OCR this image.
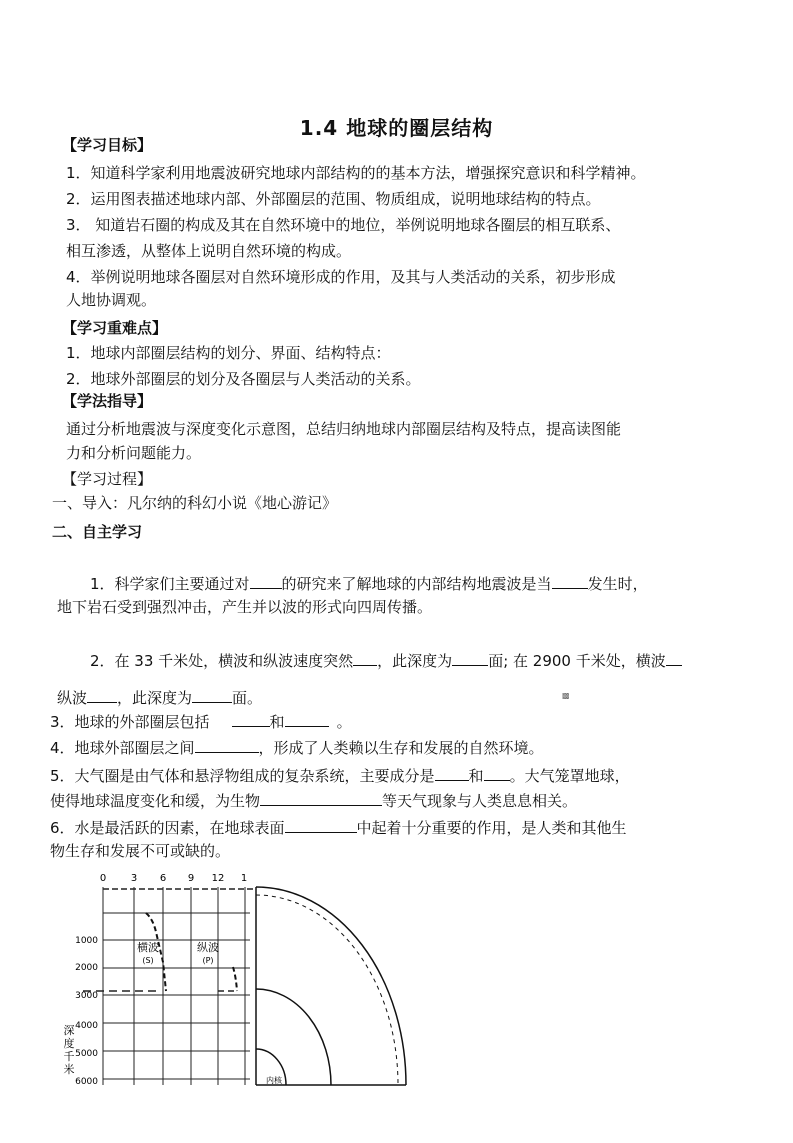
1.4 地球的圈层结构
【学习目标】
1．知道科学家利用地震波研究地球内部结构的的基本方法，增强探究意识和科学精神。
2．运用图表描述地球内部、外部圈层的范围、物质组成，说明地球结构的特点。
3． 知道岩石圈的构成及其在自然环境中的地位，举例说明地球各圈层的相互联系、
相互渗透，从整体上说明自然环境的构成。
4．举例说明地球各圈层对自然环境形成的作用，及其与人类活动的关系，初步形成
人地协调观。
【学习重难点】
1．地球内部圈层结构的划分、界面、结构特点：
2．地球外部圈层的划分及各圈层与人类活动的关系。
【学法指导】
通过分析地震波与深度变化示意图，总结归纳地球内部圈层结构及特点，提高读图能
力和分析问题能力。
【学习过程】
一、导入：凡尔纳的科幻小说《地心游记》
二、自主学习
1．科学家们主要通过对 的研究来了解地球的内部结构地震波是当 发生时，
地下岩石受到强烈冲击，产生并以波的形式向四周传播。
2．在 33 千米处，横波和纵波速度突然 ，此深度为 面; 在 2900 千米处，横波
纵波 ，此深度为	面。	▩
3．地球的外部圈层包括	和	。
4．地球外部圈层之间	，形成了人类赖以生存和发展的自然环境。
5．大气圈是由气体和悬浮物组成的复杂系统，主要成分是 和 。大气笼罩地球，
使得地球温度变化和缓，为生物	等天气现象与人类息息相关。
6．水是最活跃的因素，在地球表面	中起着十分重要的作用，是人类和其他生
物生存和发展不可或缺的。
0 3 6 9 12 1
1000
2000
3000
4000
5000
6000
深
度
千
米
横波
(S)
纵波
(P)
内核
